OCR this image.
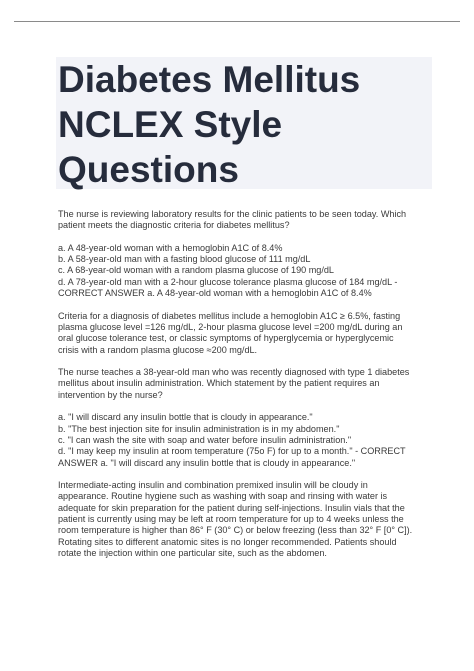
Diabetes Mellitus
NCLEX Style
Questions

The nurse is reviewing laboratory results for the clinic patients to be seen today. Which
patient meets the diagnostic criteria for diabetes mellitus?

a. A 48-year-old woman with a hemoglobin A1C of 8.4%
b. A 58-year-old man with a fasting blood glucose of 111 mg/dL
c. A 68-year-old woman with a random plasma glucose of 190 mg/dL
d. A 78-year-old man with a 2-hour glucose tolerance plasma glucose of 184 mg/dL -
CORRECT ANSWER a. A 48-year-old woman with a hemoglobin A1C of 8.4%

Criteria for a diagnosis of diabetes mellitus include a hemoglobin A1C ≥ 6.5%, fasting
plasma glucose level =126 mg/dL, 2-hour plasma glucose level =200 mg/dL during an
oral glucose tolerance test, or classic symptoms of hyperglycemia or hyperglycemic
crisis with a random plasma glucose ≈200 mg/dL.

The nurse teaches a 38-year-old man who was recently diagnosed with type 1 diabetes
mellitus about insulin administration. Which statement by the patient requires an
intervention by the nurse?

a. "I will discard any insulin bottle that is cloudy in appearance."
b. "The best injection site for insulin administration is in my abdomen."
c. "I can wash the site with soap and water before insulin administration."
d. "I may keep my insulin at room temperature (75o F) for up to a month." - CORRECT
ANSWER a. "I will discard any insulin bottle that is cloudy in appearance."

Intermediate-acting insulin and combination premixed insulin will be cloudy in
appearance. Routine hygiene such as washing with soap and rinsing with water is
adequate for skin preparation for the patient during self-injections. Insulin vials that the
patient is currently using may be left at room temperature for up to 4 weeks unless the
room temperature is higher than 86° F (30° C) or below freezing (less than 32° F [0° C]).
Rotating sites to different anatomic sites is no longer recommended. Patients should
rotate the injection within one particular site, such as the abdomen.
